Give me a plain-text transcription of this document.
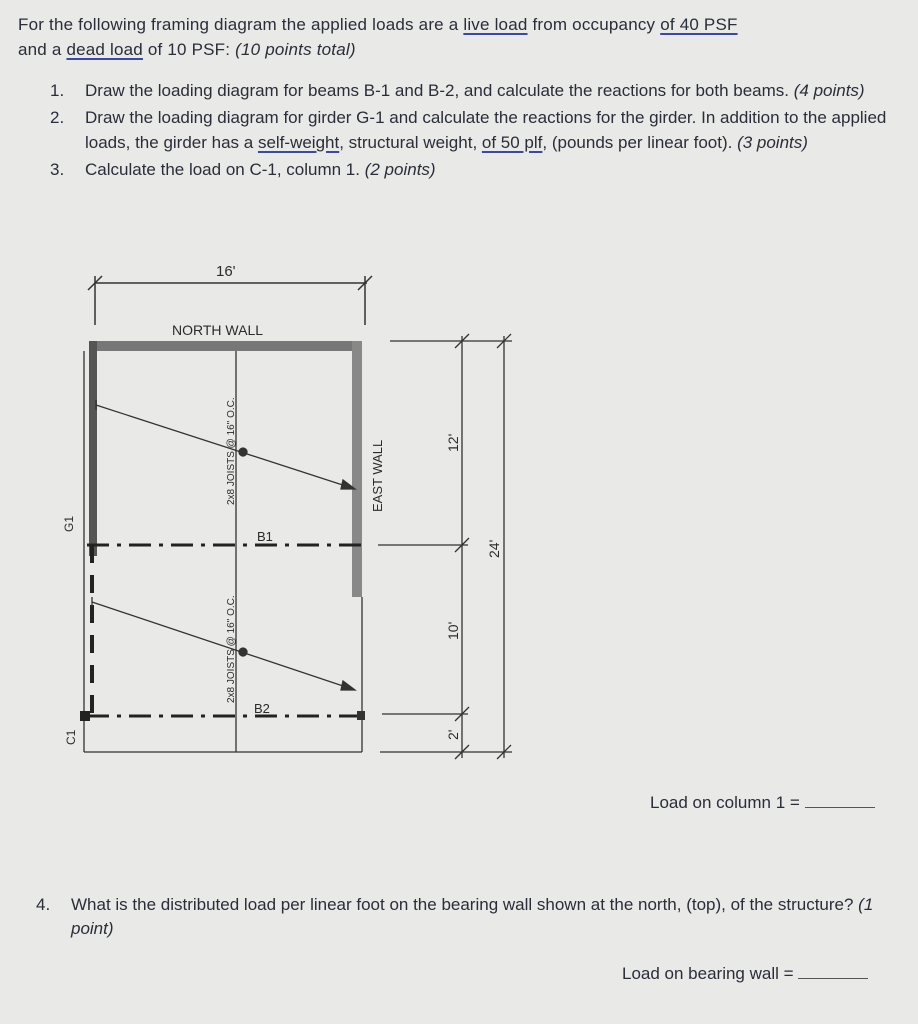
For the following framing diagram the applied loads are a live load from occupancy of 40 PSF
and a dead load of 10 PSF: (10 points total)
1. Draw the loading diagram for beams B-1 and B-2, and calculate the reactions for both beams. (4 points)
2. Draw the loading diagram for girder G-1 and calculate the reactions for the girder. In addition to the applied loads, the girder has a self-weight, structural weight, of 50 plf, (pounds per linear foot). (3 points)
3. Calculate the load on C-1, column 1. (2 points)
16'
NORTH WALL
2x8 JOISTS @ 16" O.C.
2x8 JOISTS @ 16" O.C.
B1
B2
EAST WALL
G1
C1
12'
10'
2'
24'
Load on column 1 =
4.	What is the distributed load per linear foot on the bearing wall shown at the north, (top), of the structure? (1 point)
Load on bearing wall =
